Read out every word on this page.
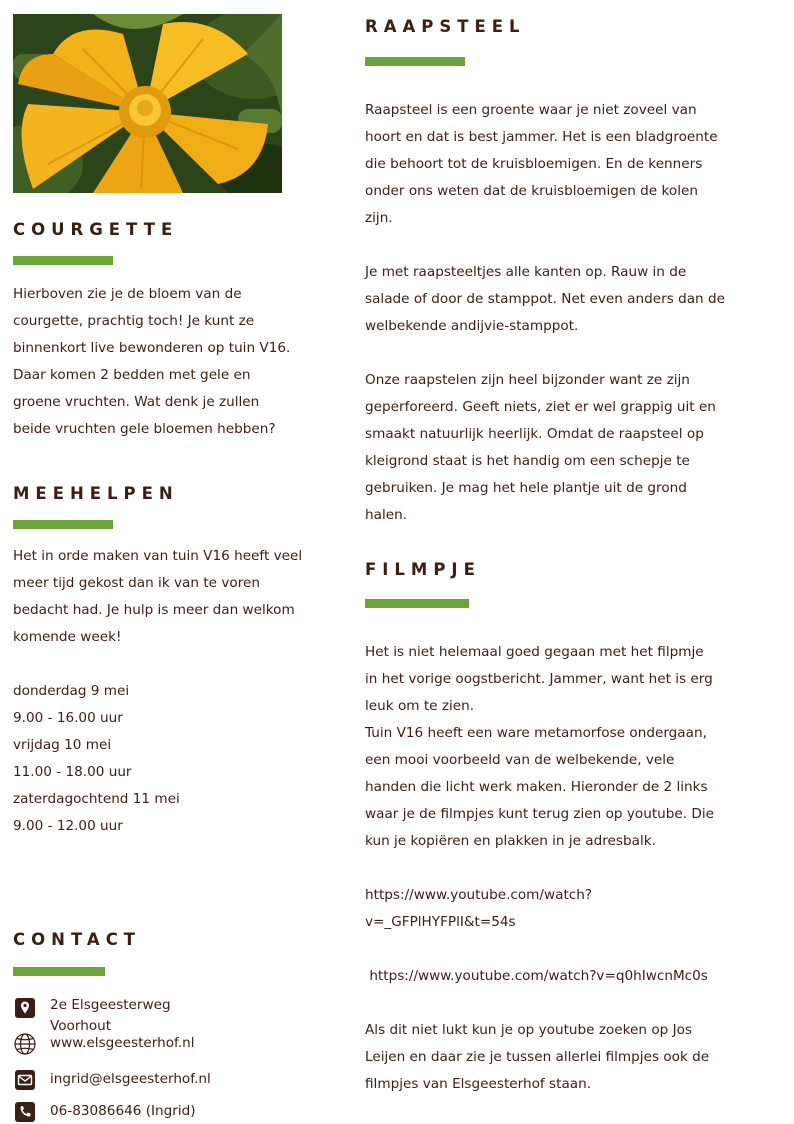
COURGETTE

Hierboven zie je de bloem van de
courgette, prachtig toch! Je kunt ze
binnenkort live bewonderen op tuin V16.
Daar komen 2 bedden met gele en
groene vruchten. Wat denk je zullen
beide vruchten gele bloemen hebben?

MEEHELPEN

Het in orde maken van tuin V16 heeft veel
meer tijd gekost dan ik van te voren
bedacht had. Je hulp is meer dan welkom
komende week!

donderdag 9 mei
9.00 - 16.00 uur
vrijdag 10 mei
11.00 - 18.00 uur
zaterdagochtend 11 mei
9.00 - 12.00 uur

CONTACT
2e Elsgeesterweg
Voorhout
www.elsgeesterhof.nl
ingrid@elsgeesterhof.nl
06-83086646 (Ingrid)
RAAPSTEEL

Raapsteel is een groente waar je niet zoveel van
hoort en dat is best jammer. Het is een bladgroente
die behoort tot de kruisbloemigen. En de kenners
onder ons weten dat de kruisbloemigen de kolen
zijn.

Je met raapsteeltjes alle kanten op. Rauw in de
salade of door de stamppot. Net even anders dan de
welbekende andijvie-stamppot.

Onze raapstelen zijn heel bijzonder want ze zijn
geperforeerd. Geeft niets, ziet er wel grappig uit en
smaakt natuurlijk heerlijk. Omdat de raapsteel op
kleigrond staat is het handig om een schepje te
gebruiken. Je mag het hele plantje uit de grond
halen.

FILMPJE

Het is niet helemaal goed gegaan met het filpmje
in het vorige oogstbericht. Jammer, want het is erg
leuk om te zien.
Tuin V16 heeft een ware metamorfose ondergaan,
een mooi voorbeeld van de welbekende, vele
handen die licht werk maken. Hieronder de 2 links
waar je de filmpjes kunt terug zien op youtube. Die
kun je kopiëren en plakken in je adresbalk.

https://www.youtube.com/watch?
v=_GFPlHYFPlI&t=54s

https://www.youtube.com/watch?v=q0hIwcnMc0s

Als dit niet lukt kun je op youtube zoeken op Jos
Leijen en daar zie je tussen allerlei filmpjes ook de
filmpjes van Elsgeesterhof staan.
